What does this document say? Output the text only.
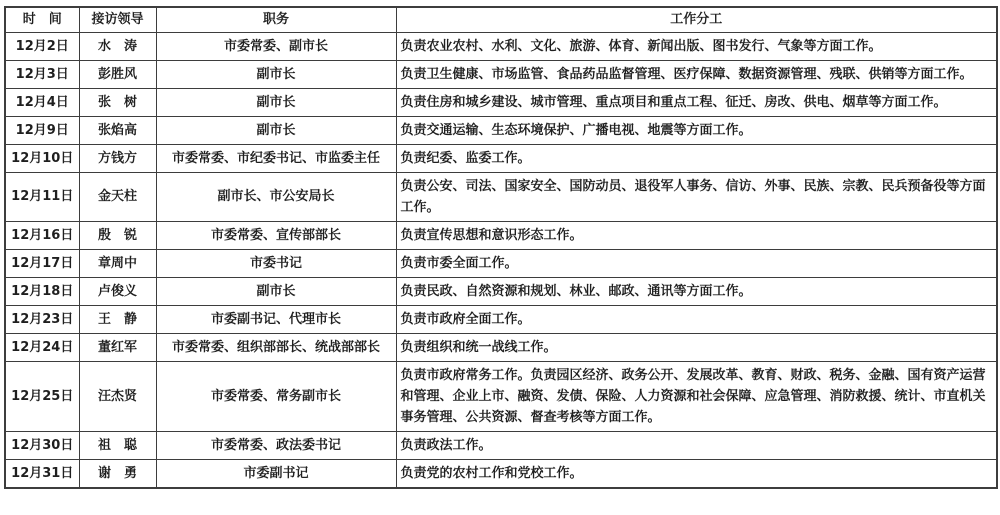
时　间	接访领导	职务	工作分工
12月2日	水　涛	市委常委、副市长	负责农业农村、水利、文化、旅游、体育、新闻出版、图书发行、气象等方面工作。
12月3日	彭胜风	副市长	负责卫生健康、市场监管、食品药品监督管理、医疗保障、数据资源管理、残联、供销等方面工作。
12月4日	张　树	副市长	负责住房和城乡建设、城市管理、重点项目和重点工程、征迁、房改、供电、烟草等方面工作。
12月9日	张焰高	副市长	负责交通运输、生态环境保护、广播电视、地震等方面工作。
12月10日	方钱方	市委常委、市纪委书记、市监委主任	负责纪委、监委工作。
12月11日	金天柱	副市长、市公安局长	负责公安、司法、国家安全、国防动员、退役军人事务、信访、外事、民族、宗教、民兵预备役等方面工作。
12月16日	殷　锐	市委常委、宣传部部长	负责宣传思想和意识形态工作。
12月17日	章周中	市委书记	负责市委全面工作。
12月18日	卢俊义	副市长	负责民政、自然资源和规划、林业、邮政、通讯等方面工作。
12月23日	王　静	市委副书记、代理市长	负责市政府全面工作。
12月24日	董红军	市委常委、组织部部长、统战部部长	负责组织和统一战线工作。
12月25日	汪杰贤	市委常委、常务副市长	负责市政府常务工作。负责园区经济、政务公开、发展改革、教育、财政、税务、金融、国有资产运营和管理、企业上市、融资、发债、保险、人力资源和社会保障、应急管理、消防救援、统计、市直机关事务管理、公共资源、督查考核等方面工作。
12月30日	祖　聪	市委常委、政法委书记	负责政法工作。
12月31日	谢　勇	市委副书记	负责党的农村工作和党校工作。
